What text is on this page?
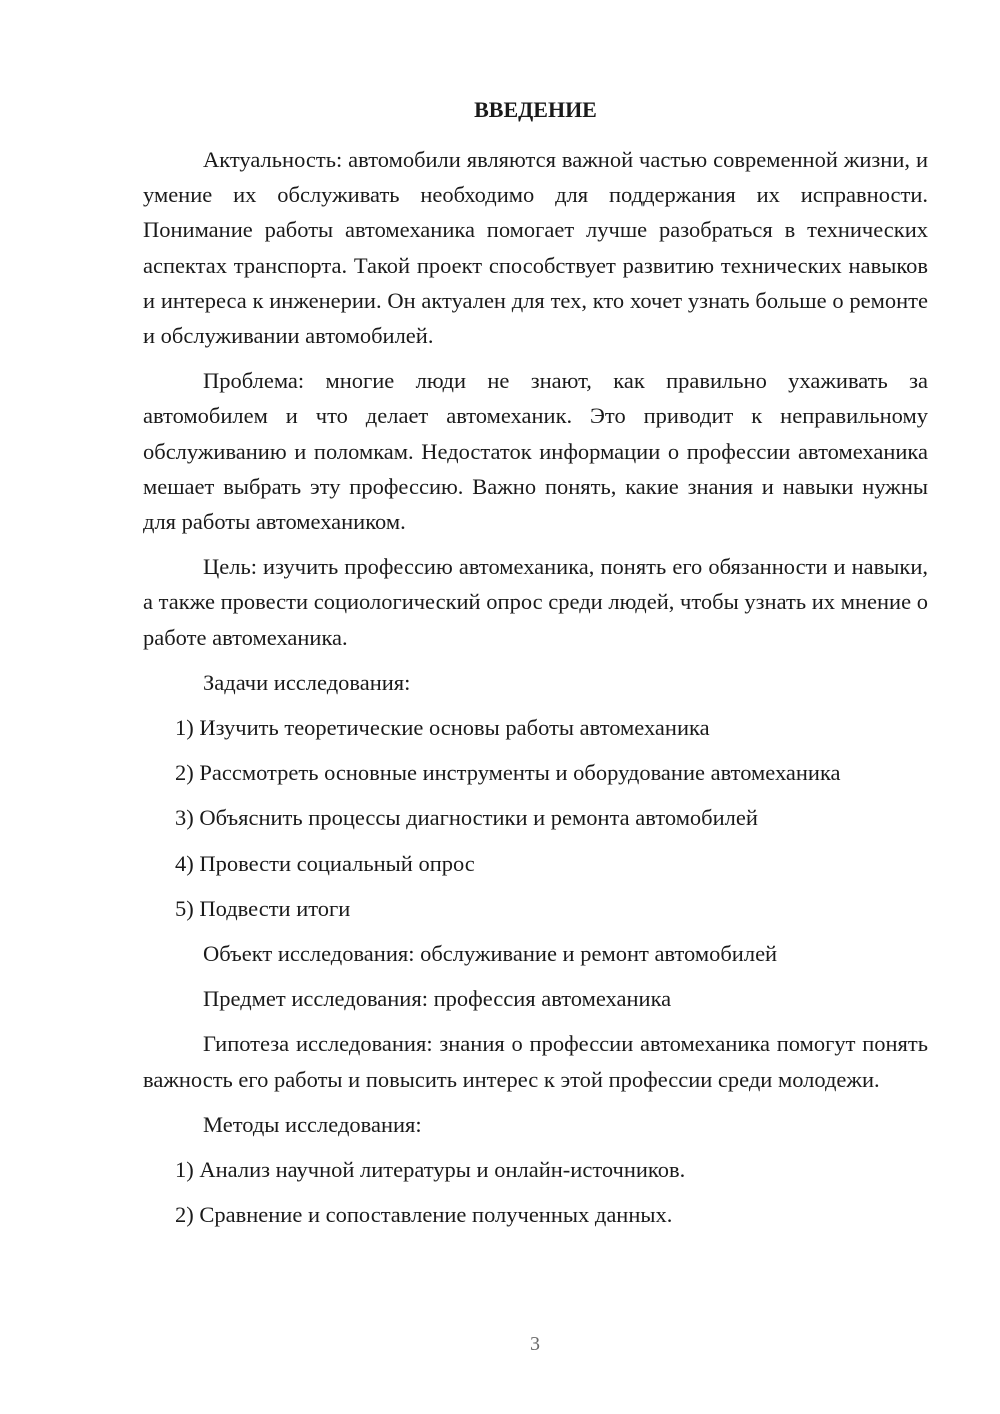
ВВЕДЕНИЕ

Актуальность: автомобили являются важной частью современной жизни, и умение их обслуживать необходимо для поддержания их исправности. Понимание работы автомеханика помогает лучше разобраться в технических аспектах транспорта. Такой проект способствует развитию технических навыков и интереса к инженерии. Он актуален для тех, кто хочет узнать больше о ремонте и обслуживании автомобилей.

Проблема: многие люди не знают, как правильно ухаживать за автомобилем и что делает автомеханик. Это приводит к неправильному обслуживанию и поломкам. Недостаток информации о профессии автомеханика мешает выбрать эту профессию. Важно понять, какие знания и навыки нужны для работы автомехаником.

Цель: изучить профессию автомеханика, понять его обязанности и навыки, а также провести социологический опрос среди людей, чтобы узнать их мнение о работе автомеханика.

Задачи исследования:
1) Изучить теоретические основы работы автомеханика
2) Рассмотреть основные инструменты и оборудование автомеханика
3) Объяснить процессы диагностики и ремонта автомобилей
4) Провести социальный опрос
5) Подвести итоги
Объект исследования: обслуживание и ремонт автомобилей
Предмет исследования: профессия автомеханика

Гипотеза исследования: знания о профессии автомеханика помогут понять важность его работы и повысить интерес к этой профессии среди молодежи.

Методы исследования:
1) Анализ научной литературы и онлайн-источников.
2) Сравнение и сопоставление полученных данных.
3
